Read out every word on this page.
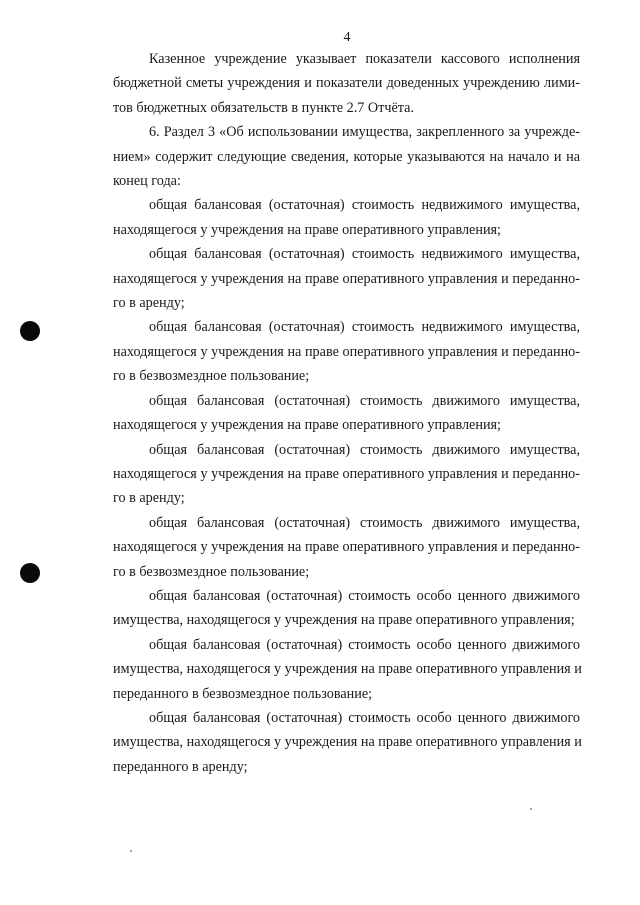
4

Казенное учреждение указывает показатели кассового исполнения
бюджетной сметы учреждения и показатели доведенных учреждению лими-
тов бюджетных обязательств в пункте 2.7 Отчёта.

6. Раздел 3 «Об использовании имущества, закрепленного за учрежде-
нием» содержит следующие сведения, которые указываются на начало и на
конец года:

общая балансовая (остаточная) стоимость недвижимого имущества,
находящегося у учреждения на праве оперативного управления;

общая балансовая (остаточная) стоимость недвижимого имущества,
находящегося у учреждения на праве оперативного управления и переданно-
го в аренду;

общая балансовая (остаточная) стоимость недвижимого имущества,
находящегося у учреждения на праве оперативного управления и переданно-
го в безвозмездное пользование;

общая балансовая (остаточная) стоимость движимого имущества,
находящегося у учреждения на праве оперативного управления;

общая балансовая (остаточная) стоимость движимого имущества,
находящегося у учреждения на праве оперативного управления и переданно-
го в аренду;

общая балансовая (остаточная) стоимость движимого имущества,
находящегося у учреждения на праве оперативного управления и переданно-
го в безвозмездное пользование;

общая балансовая (остаточная) стоимость особо ценного движимого
имущества, находящегося у учреждения на праве оперативного управления;

общая балансовая (остаточная) стоимость особо ценного движимого
имущества, находящегося у учреждения на праве оперативного управления и
переданного в безвозмездное пользование;

общая балансовая (остаточная) стоимость особо ценного движимого
имущества, находящегося у учреждения на праве оперативного управления и
переданного в аренду;
